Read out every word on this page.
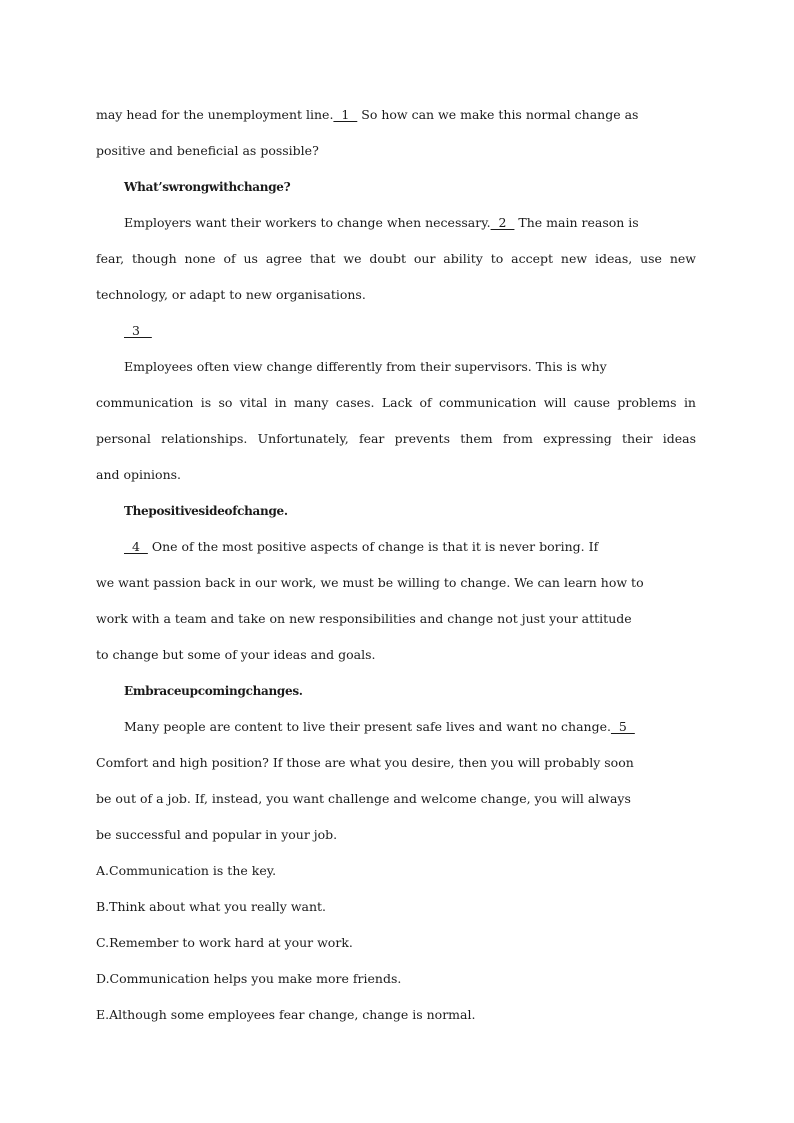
may head for the unemployment line.  1   So how can we make this normal change as
positive and beneficial as possible?
What’swrongwithchange?
Employers want their workers to change when necessary.  2   The main reason is
fear, though none of us agree that we doubt our ability to accept new ideas, use new
technology, or adapt to new organisations.
3
Employees often view change differently from their supervisors. This is why
communication is so vital in many cases. Lack of communication will cause problems in
personal relationships. Unfortunately, fear prevents them from expressing their ideas
and opinions.
Thepositivesideofchange.
4   One of the most positive aspects of change is that it is never boring. If
we want passion back in our work, we must be willing to change. We can learn how to
work with a team and take on new responsibilities and change not just your attitude
to change but some of your ideas and goals.
Embraceupcomingchanges.
Many people are content to live their present safe lives and want no change.  5
Comfort and high position? If those are what you desire, then you will probably soon
be out of a job. If, instead, you want challenge and welcome change, you will always
be successful and popular in your job.
A.Communication is the key.
B.Think about what you really want.
C.Remember to work hard at your work.
D.Communication helps you make more friends.
E.Although some employees fear change, change is normal.
